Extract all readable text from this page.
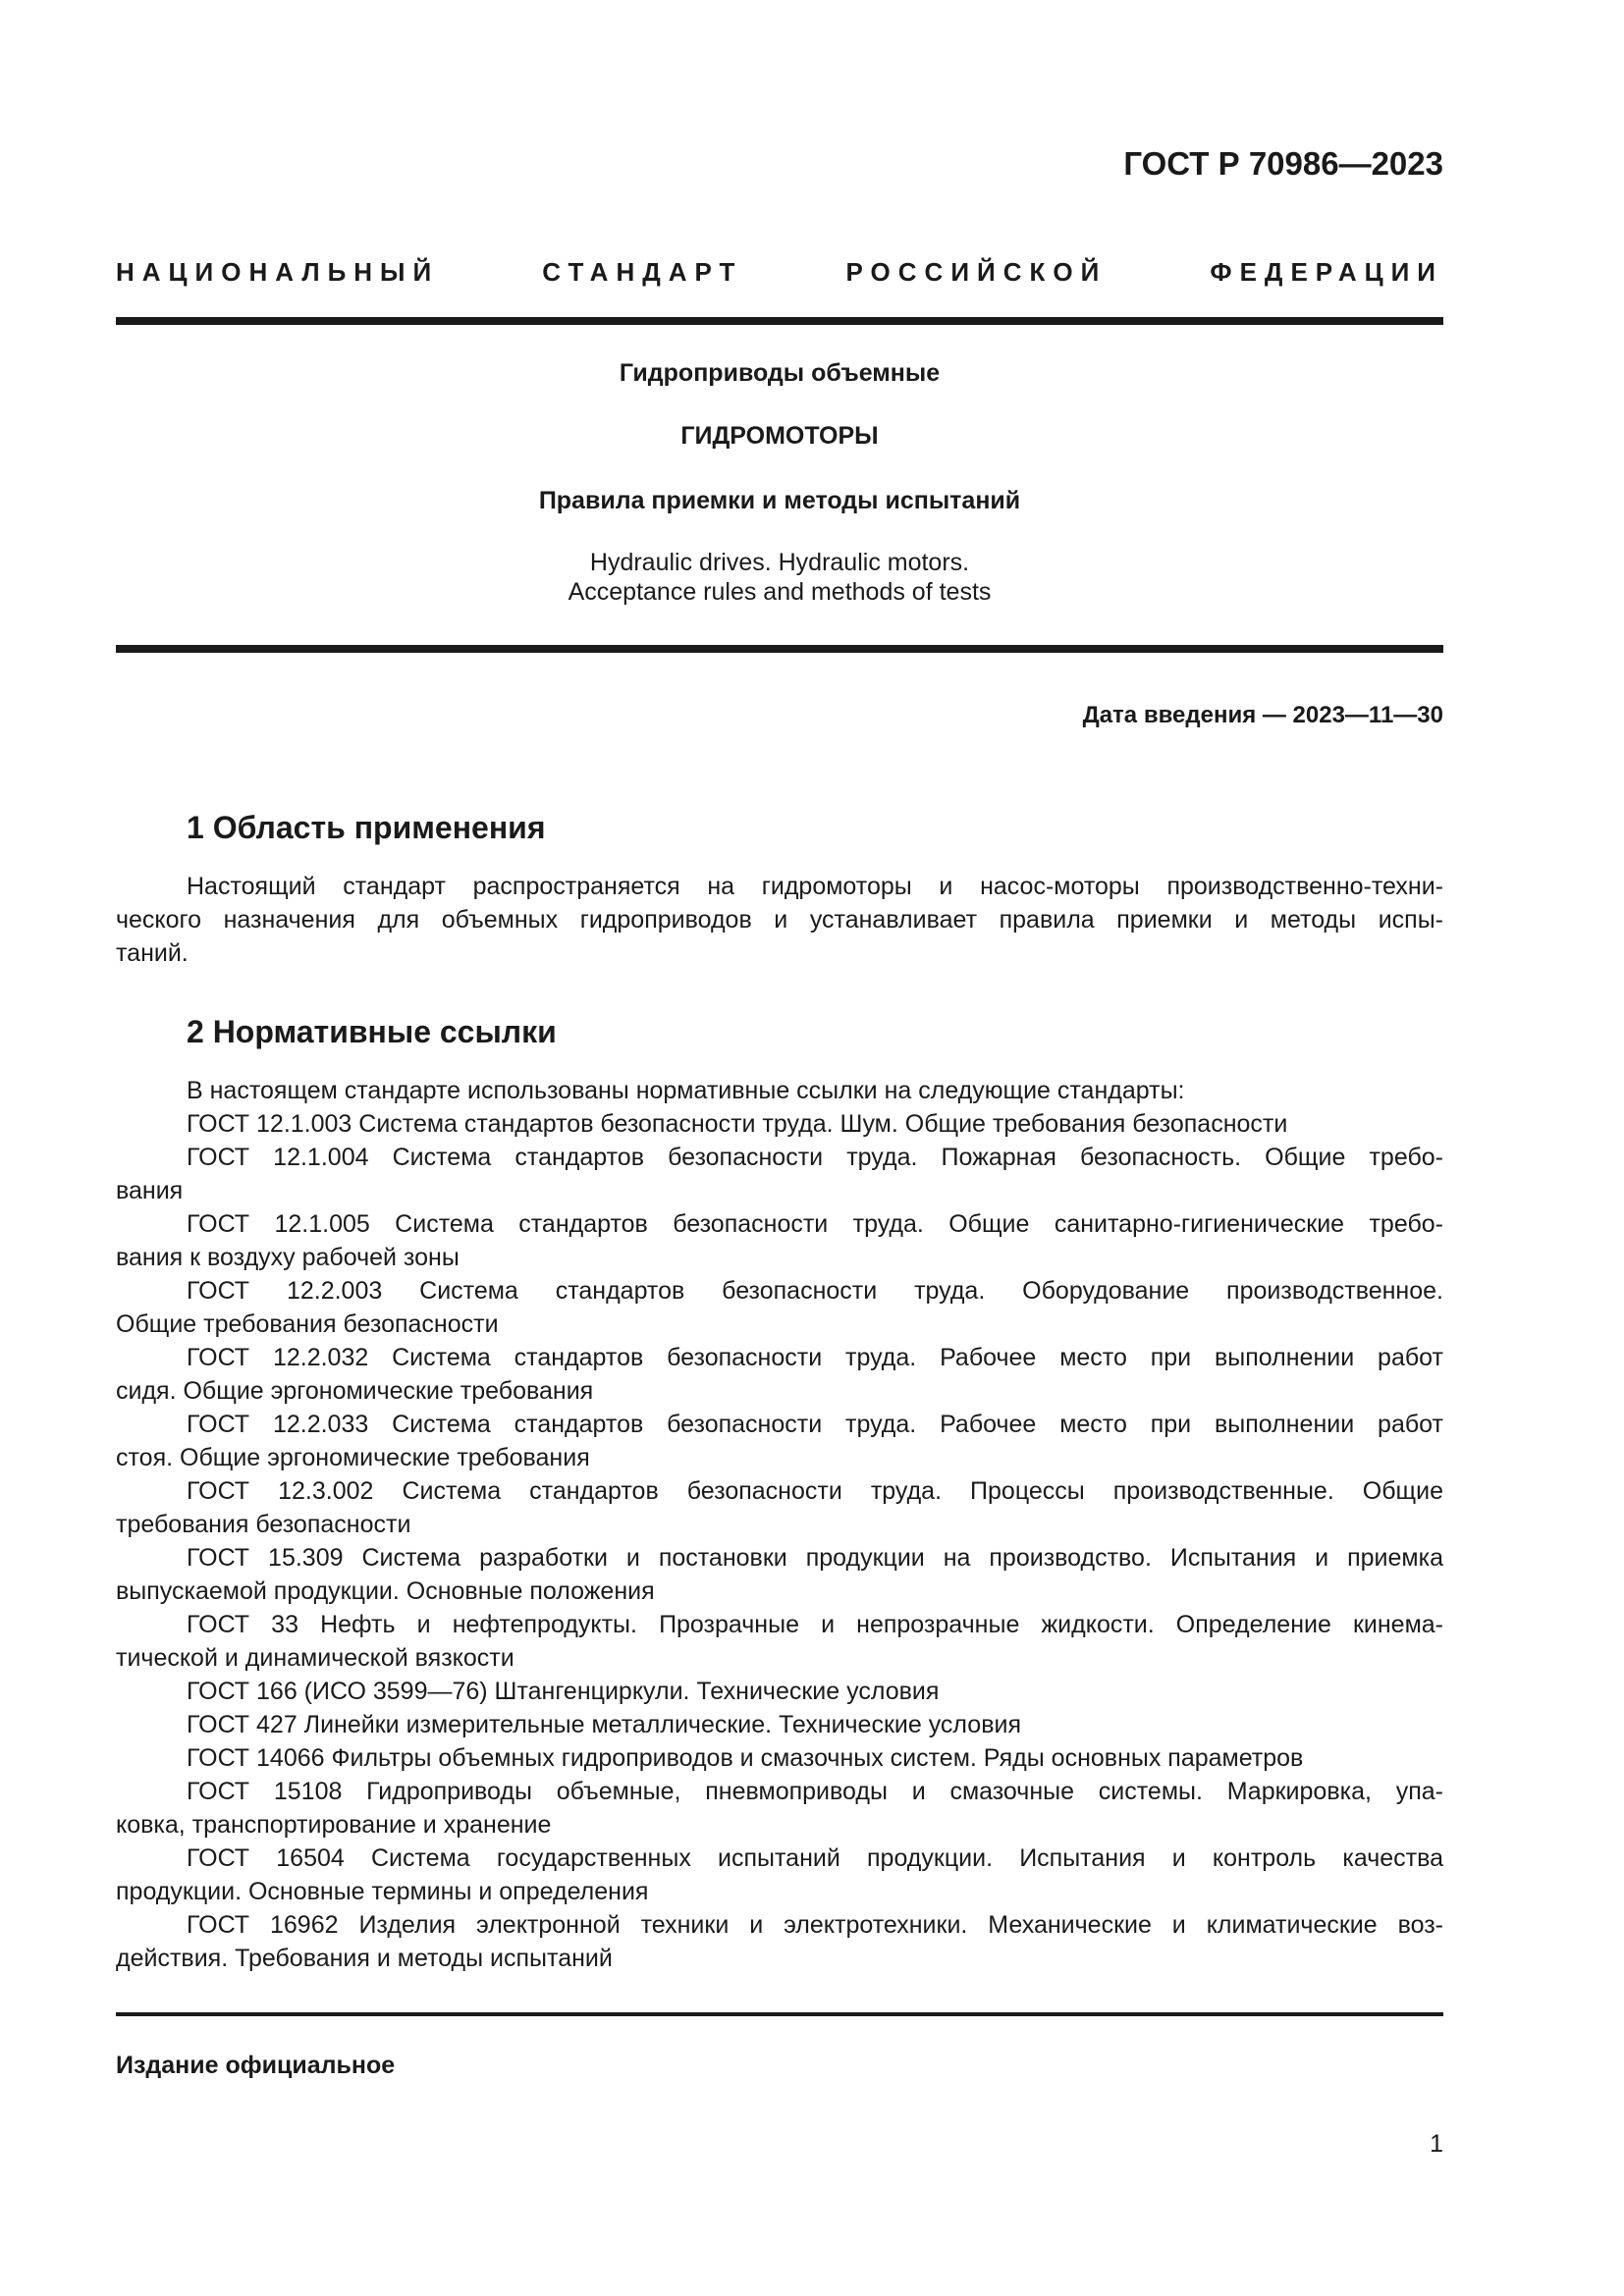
ГОСТ Р 70986—2023
НАЦИОНАЛЬНЫЙ СТАНДАРТ РОССИЙСКОЙ ФЕДЕРАЦИИ
Гидроприводы объемные
ГИДРОМОТОРЫ
Правила приемки и методы испытаний
Hydraulic drives. Hydraulic motors.
Acceptance rules and methods of tests
Дата введения — 2023—11—30
1 Область применения
Настоящий стандарт распространяется на гидромоторы и насос-моторы производственно-техни-
ческого назначения для объемных гидроприводов и устанавливает правила приемки и методы испы-
таний.
2 Нормативные ссылки
В настоящем стандарте использованы нормативные ссылки на следующие стандарты:
ГОСТ 12.1.003 Система стандартов безопасности труда. Шум. Общие требования безопасности
ГОСТ 12.1.004 Система стандартов безопасности труда. Пожарная безопасность. Общие требо-
вания
ГОСТ 12.1.005 Система стандартов безопасности труда. Общие санитарно-гигиенические требо-
вания к воздуху рабочей зоны
ГОСТ 12.2.003 Система стандартов безопасности труда. Оборудование производственное.
Общие требования безопасности
ГОСТ 12.2.032 Система стандартов безопасности труда. Рабочее место при выполнении работ
сидя. Общие эргономические требования
ГОСТ 12.2.033 Система стандартов безопасности труда. Рабочее место при выполнении работ
стоя. Общие эргономические требования
ГОСТ 12.3.002 Система стандартов безопасности труда. Процессы производственные. Общие
требования безопасности
ГОСТ 15.309 Система разработки и постановки продукции на производство. Испытания и приемка
выпускаемой продукции. Основные положения
ГОСТ 33 Нефть и нефтепродукты. Прозрачные и непрозрачные жидкости. Определение кинема-
тической и динамической вязкости
ГОСТ 166 (ИСО 3599—76) Штангенциркули. Технические условия
ГОСТ 427 Линейки измерительные металлические. Технические условия
ГОСТ 14066 Фильтры объемных гидроприводов и смазочных систем. Ряды основных параметров
ГОСТ 15108 Гидроприводы объемные, пневмоприводы и смазочные системы. Маркировка, упа-
ковка, транспортирование и хранение
ГОСТ 16504 Система государственных испытаний продукции. Испытания и контроль качества
продукции. Основные термины и определения
ГОСТ 16962 Изделия электронной техники и электротехники. Механические и климатические воз-
действия. Требования и методы испытаний
Издание официальное
1
